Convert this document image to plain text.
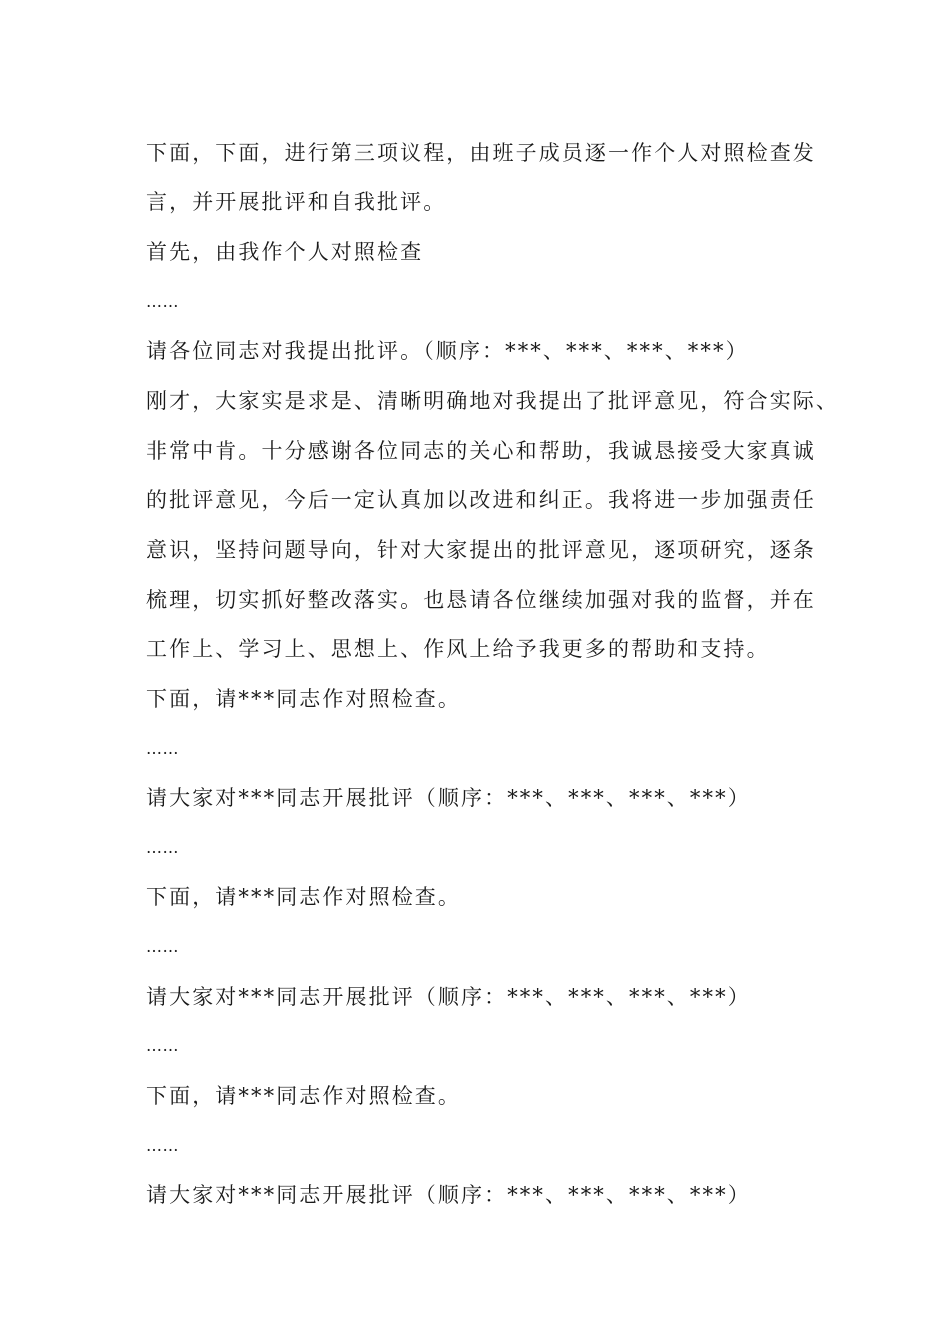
下面，下面，进行第三项议程，由班子成员逐一作个人对照检查发
言，并开展批评和自我批评。
首先，由我作个人对照检查
……
请各位同志对我提出批评。（顺序：***、***、***、***）
刚才，大家实是求是、清晰明确地对我提出了批评意见，符合实际、
非常中肯。十分感谢各位同志的关心和帮助，我诚恳接受大家真诚
的批评意见，今后一定认真加以改进和纠正。我将进一步加强责任
意识，坚持问题导向，针对大家提出的批评意见，逐项研究，逐条
梳理，切实抓好整改落实。也恳请各位继续加强对我的监督，并在
工作上、学习上、思想上、作风上给予我更多的帮助和支持。
下面，请***同志作对照检查。
……
请大家对***同志开展批评（顺序：***、***、***、***）
……
下面，请***同志作对照检查。
……
请大家对***同志开展批评（顺序：***、***、***、***）
……
下面，请***同志作对照检查。
……
请大家对***同志开展批评（顺序：***、***、***、***）
